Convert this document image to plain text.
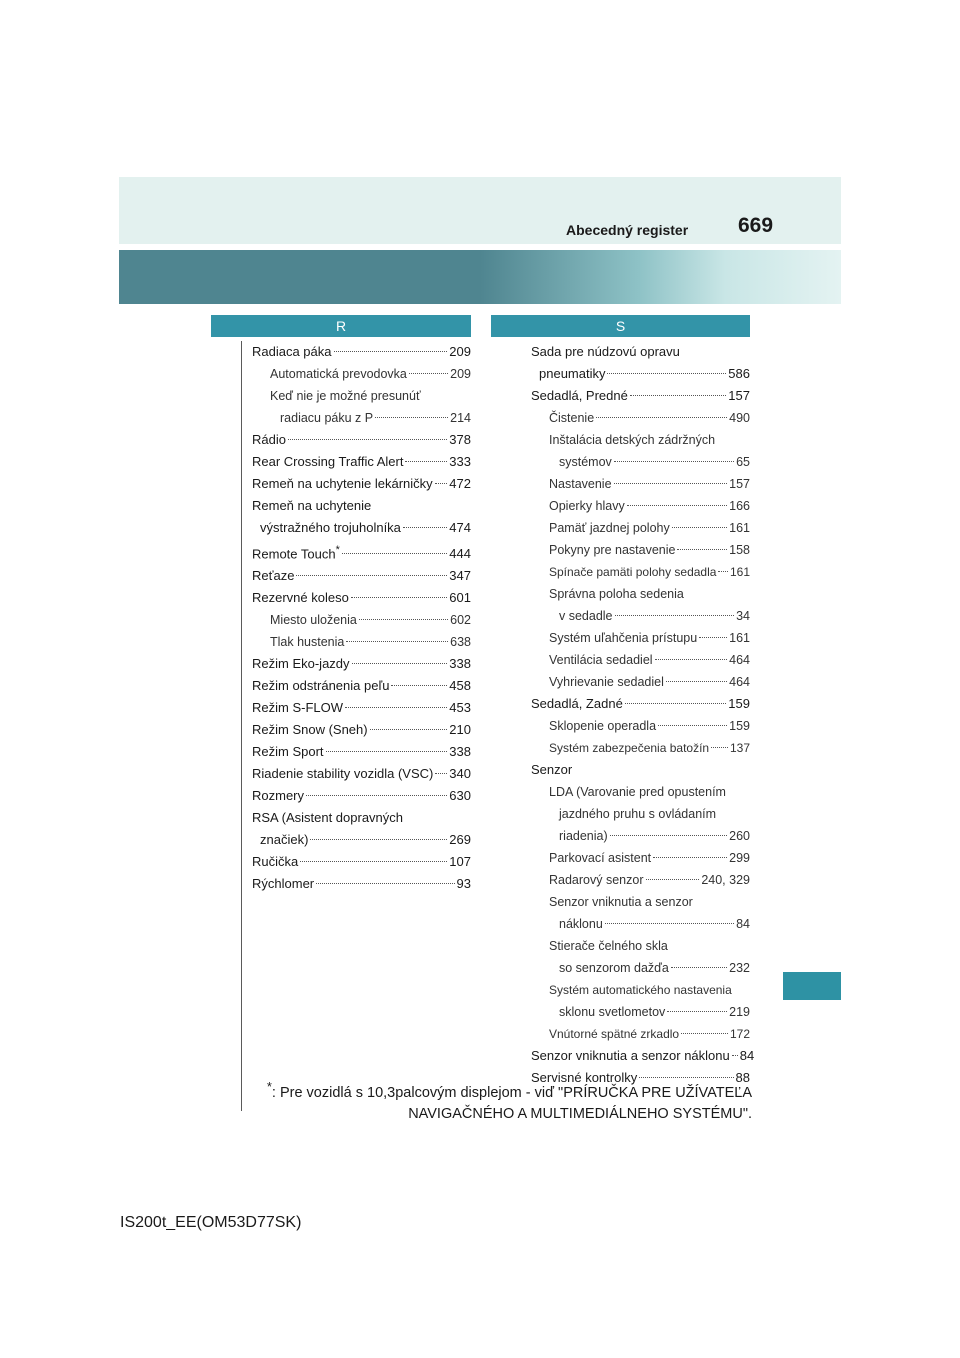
Abecedný register 669
R	S
Radiaca páka	209
Automatická prevodovka	209
Keď nie je možné presunúť
radiacu páku z P	214
Rádio	378
Rear Crossing Traffic Alert	333
Remeň na uchytenie lekárničky 472
Remeň na uchytenie
výstražného trojuholníka	474
Remote Touch*	444
Reťaze	347
Rezervné koleso	601
Miesto uloženia	602
Tlak hustenia	638
Režim Eko-jazdy	338
Režim odstránenia peľu	458
Režim S-FLOW	453
Režim Snow (Sneh)	210
Režim Sport	338
Riadenie stability vozidla (VSC) 340
Rozmery	630
RSA (Asistent dopravných
značiek)	269
Ručička	107
Rýchlomer	93
Sada pre núdzovú opravu
pneumatiky	586
Sedadlá, Predné	157
Čistenie	490
Inštalácia detských zádržných
systémov	65
Nastavenie	157
Opierky hlavy	166
Pamäť jazdnej polohy	161
Pokyny pre nastavenie	158
Spínače pamäti polohy sedadla 161
Správna poloha sedenia
v sedadle	34
Systém uľahčenia prístupu	161
Ventilácia sedadiel	464
Vyhrievanie sedadiel	464
Sedadlá, Zadné	159
Sklopenie operadla	159
Systém zabezpečenia batožín 137
Senzor
LDA (Varovanie pred opustením
jazdného pruhu s ovládaním
riadenia)	260
Parkovací asistent	299
Radarový senzor	240, 329
Senzor vniknutia a senzor
náklonu	84
Stierače čelného skla
so senzorom dažďa	232
Systém automatického nastavenia
sklonu svetlometov	219
Vnútorné spätné zrkadlo	172
Senzor vniknutia a senzor náklonu 84
Servisné kontrolky	88
*: Pre vozidlá s 10,3palcovým displejom - viď "PRÍRUČKA PRE UŽÍVATEĽA
NAVIGAČNÉHO A MULTIMEDIÁLNEHO SYSTÉMU".
IS200t_EE(OM53D77SK)
